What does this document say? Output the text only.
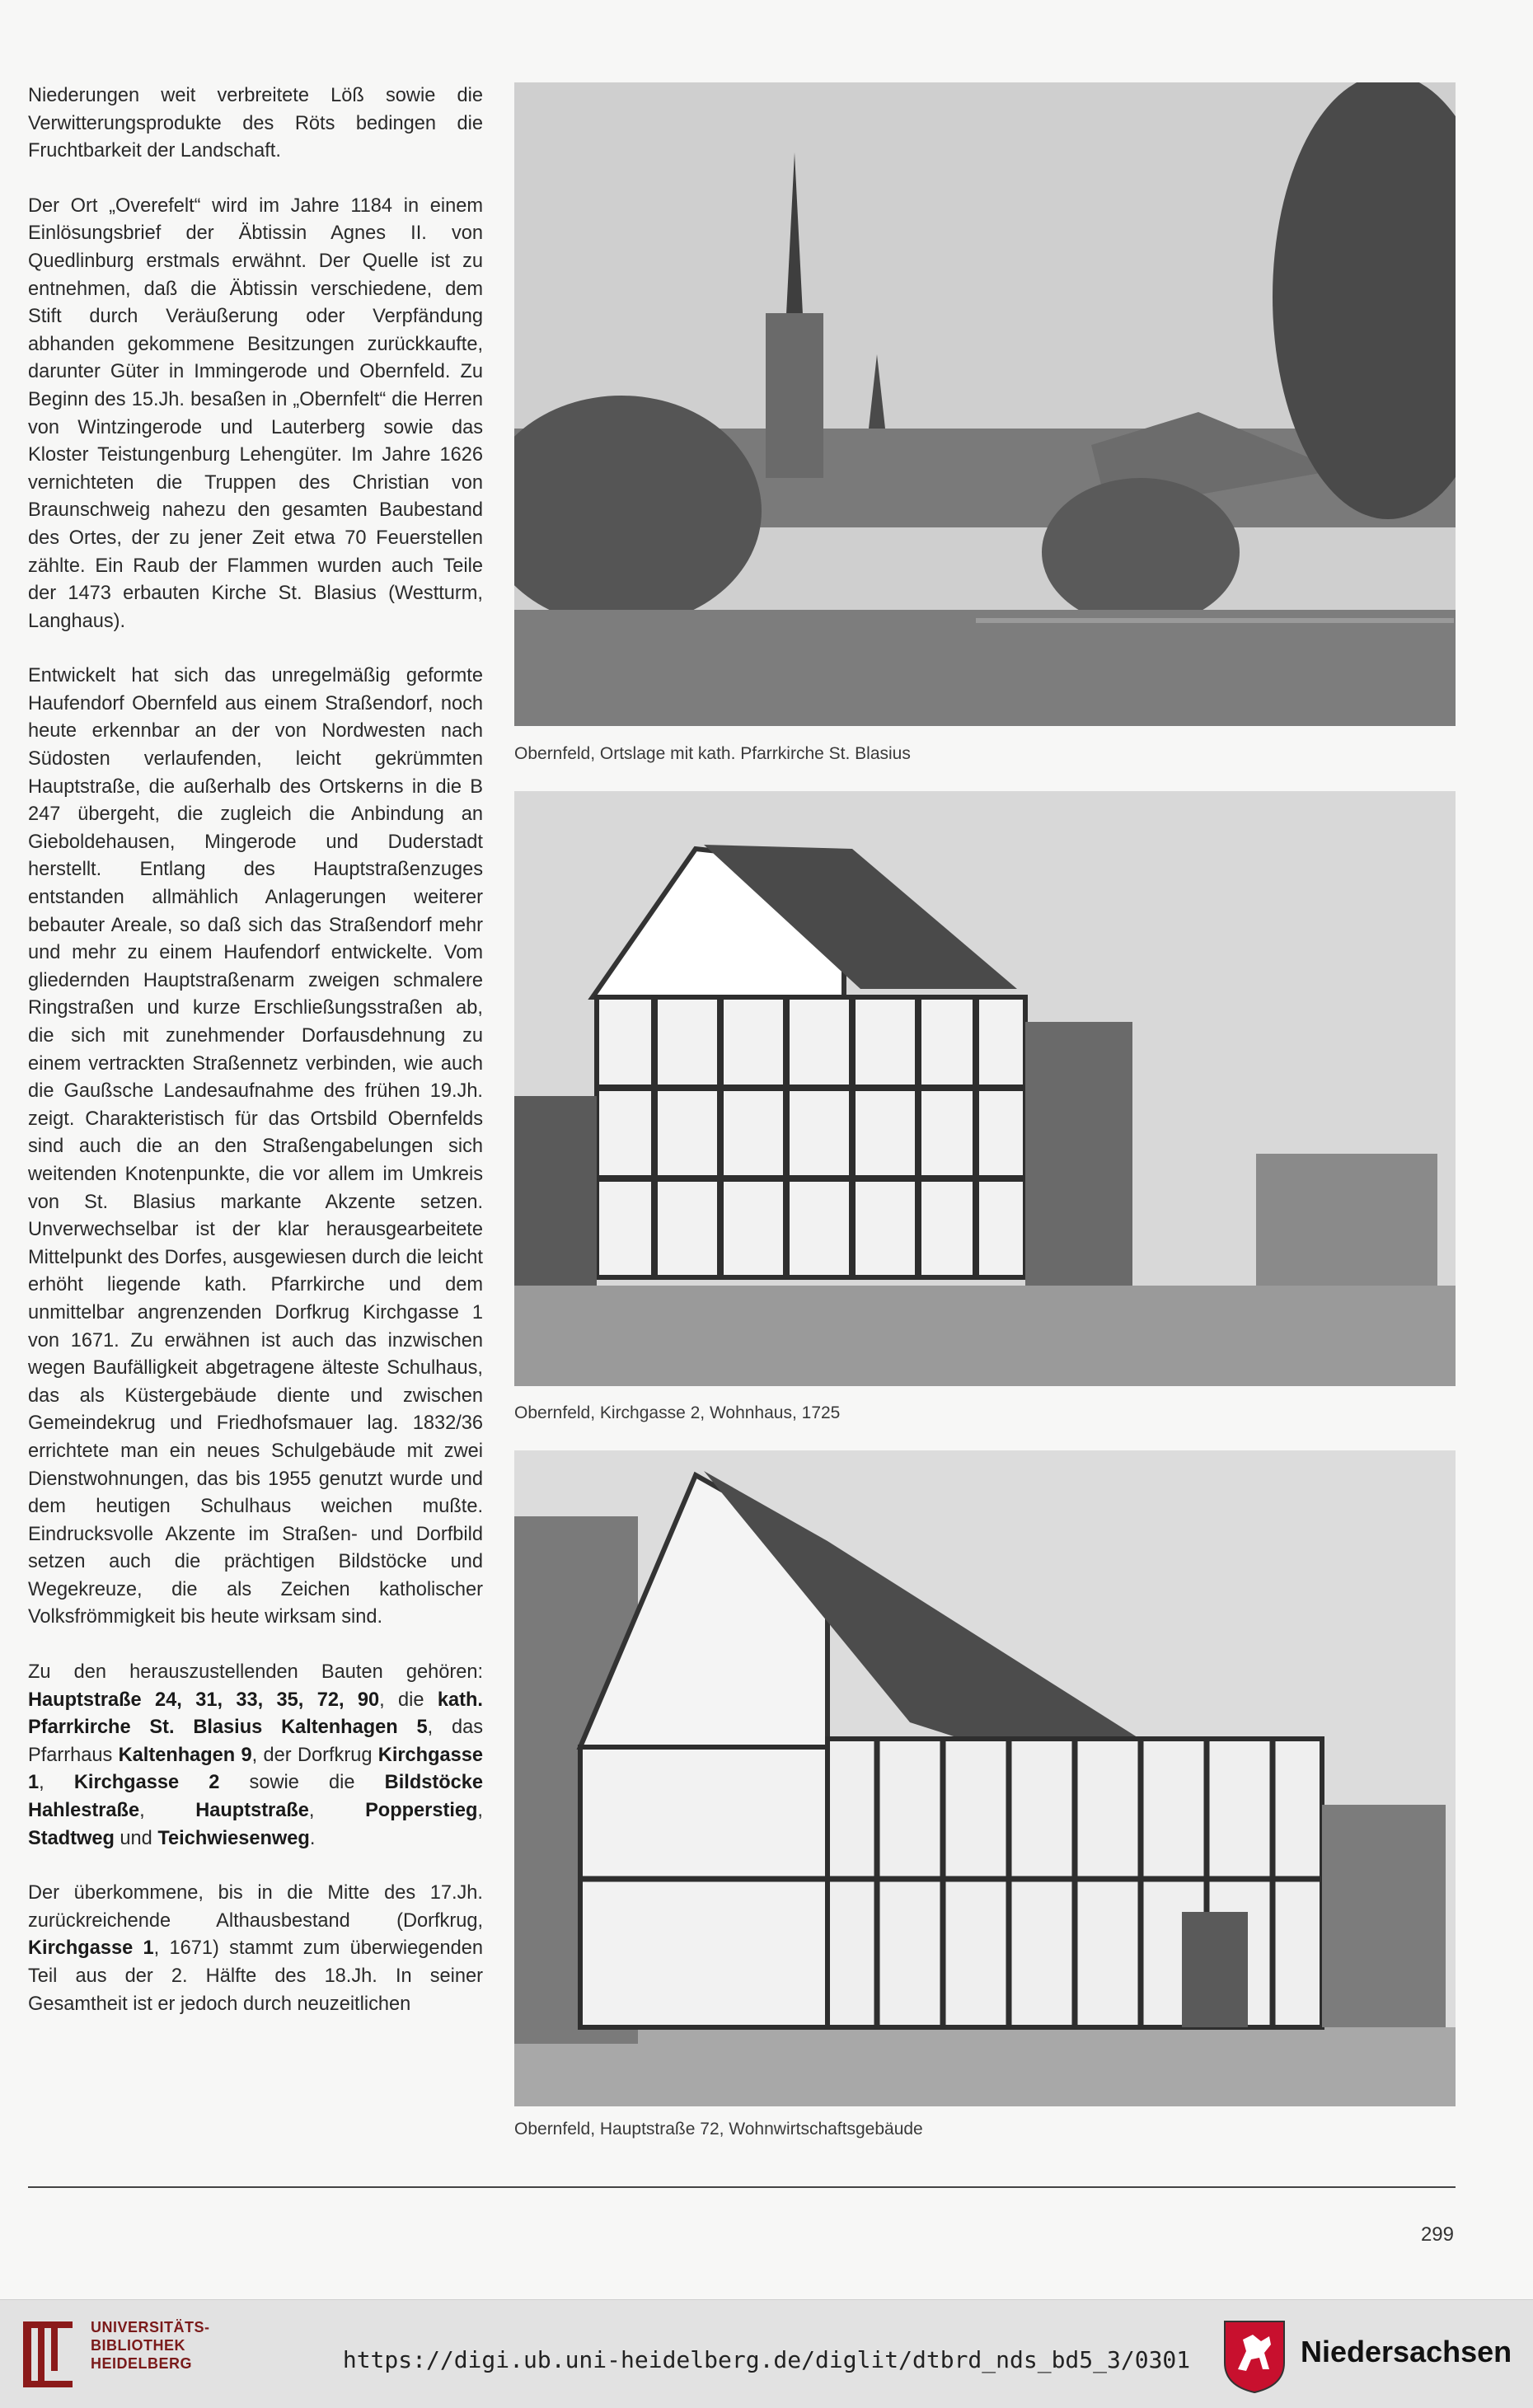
Niederungen weit verbreitete Löß sowie die Verwitterungsprodukte des Röts bedingen die Fruchtbarkeit der Landschaft.

Der Ort „Overefelt“ wird im Jahre 1184 in einem Einlösungsbrief der Äbtissin Agnes II. von Quedlinburg erstmals erwähnt. Der Quelle ist zu entnehmen, daß die Äbtissin verschiedene, dem Stift durch Veräußerung oder Verpfändung abhanden gekommene Besitzungen zurückkaufte, darunter Güter in Immingerode und Obernfeld. Zu Beginn des 15.Jh. besaßen in „Obernfelt“ die Herren von Wintzingerode und Lauterberg sowie das Kloster Teistungenburg Lehengüter. Im Jahre 1626 vernichteten die Truppen des Christian von Braunschweig nahezu den gesamten Baubestand des Ortes, der zu jener Zeit etwa 70 Feuerstellen zählte. Ein Raub der Flammen wurden auch Teile der 1473 erbauten Kirche St. Blasius (Westturm, Langhaus).

Entwickelt hat sich das unregelmäßig geformte Haufendorf Obernfeld aus einem Straßendorf, noch heute erkennbar an der von Nordwesten nach Südosten verlaufenden, leicht gekrümmten Hauptstraße, die außerhalb des Ortskerns in die B 247 übergeht, die zugleich die Anbindung an Gieboldehausen, Mingerode und Duderstadt herstellt. Entlang des Hauptstraßenzuges entstanden allmählich Anlagerungen weiterer bebauter Areale, so daß sich das Straßendorf mehr und mehr zu einem Haufendorf entwickelte. Vom gliedernden Hauptstraßenarm zweigen schmalere Ringstraßen und kurze Erschließungsstraßen ab, die sich mit zunehmender Dorfausdehnung zu einem vertrackten Straßennetz verbinden, wie auch die Gaußsche Landesaufnahme des frühen 19.Jh. zeigt. Charakteristisch für das Ortsbild Obernfelds sind auch die an den Straßengabelungen sich weitenden Knotenpunkte, die vor allem im Umkreis von St. Blasius markante Akzente setzen. Unverwechselbar ist der klar herausgearbeitete Mittelpunkt des Dorfes, ausgewiesen durch die leicht erhöht liegende kath. Pfarrkirche und dem unmittelbar angrenzenden Dorfkrug Kirchgasse 1 von 1671. Zu erwähnen ist auch das inzwischen wegen Baufälligkeit abgetragene älteste Schulhaus, das als Küstergebäude diente und zwischen Gemeindekrug und Friedhofsmauer lag. 1832/36 errichtete man ein neues Schulgebäude mit zwei Dienstwohnungen, das bis 1955 genutzt wurde und dem heutigen Schulhaus weichen mußte. Eindrucksvolle Akzente im Straßen- und Dorfbild setzen auch die prächtigen Bildstöcke und Wegekreuze, die als Zeichen katholischer Volksfrömmigkeit bis heute wirksam sind.

Zu den herauszustellenden Bauten gehören: Hauptstraße 24, 31, 33, 35, 72, 90, die kath. Pfarrkirche St. Blasius Kaltenhagen 5, das Pfarrhaus Kaltenhagen 9, der Dorfkrug Kirchgasse 1, Kirchgasse 2 sowie die Bildstöcke Hahlestraße, Hauptstraße, Popperstieg, Stadtweg und Teichwiesenweg.

Der überkommene, bis in die Mitte des 17.Jh. zurückreichende Althausbestand (Dorfkrug, Kirchgasse 1, 1671) stammt zum überwiegenden Teil aus der 2. Hälfte des 18.Jh. In seiner Gesamtheit ist er jedoch durch neuzeitlichen

Obernfeld, Ortslage mit kath. Pfarrkirche St. Blasius
Obernfeld, Kirchgasse 2, Wohnhaus, 1725
Obernfeld, Hauptstraße 72, Wohnwirtschaftsgebäude
299
UNIVERSITÄTS-
BIBLIOTHEK
HEIDELBERG	https://digi.ub.uni-heidelberg.de/diglit/dtbrd_nds_bd5_3/0301	Niedersachsen
